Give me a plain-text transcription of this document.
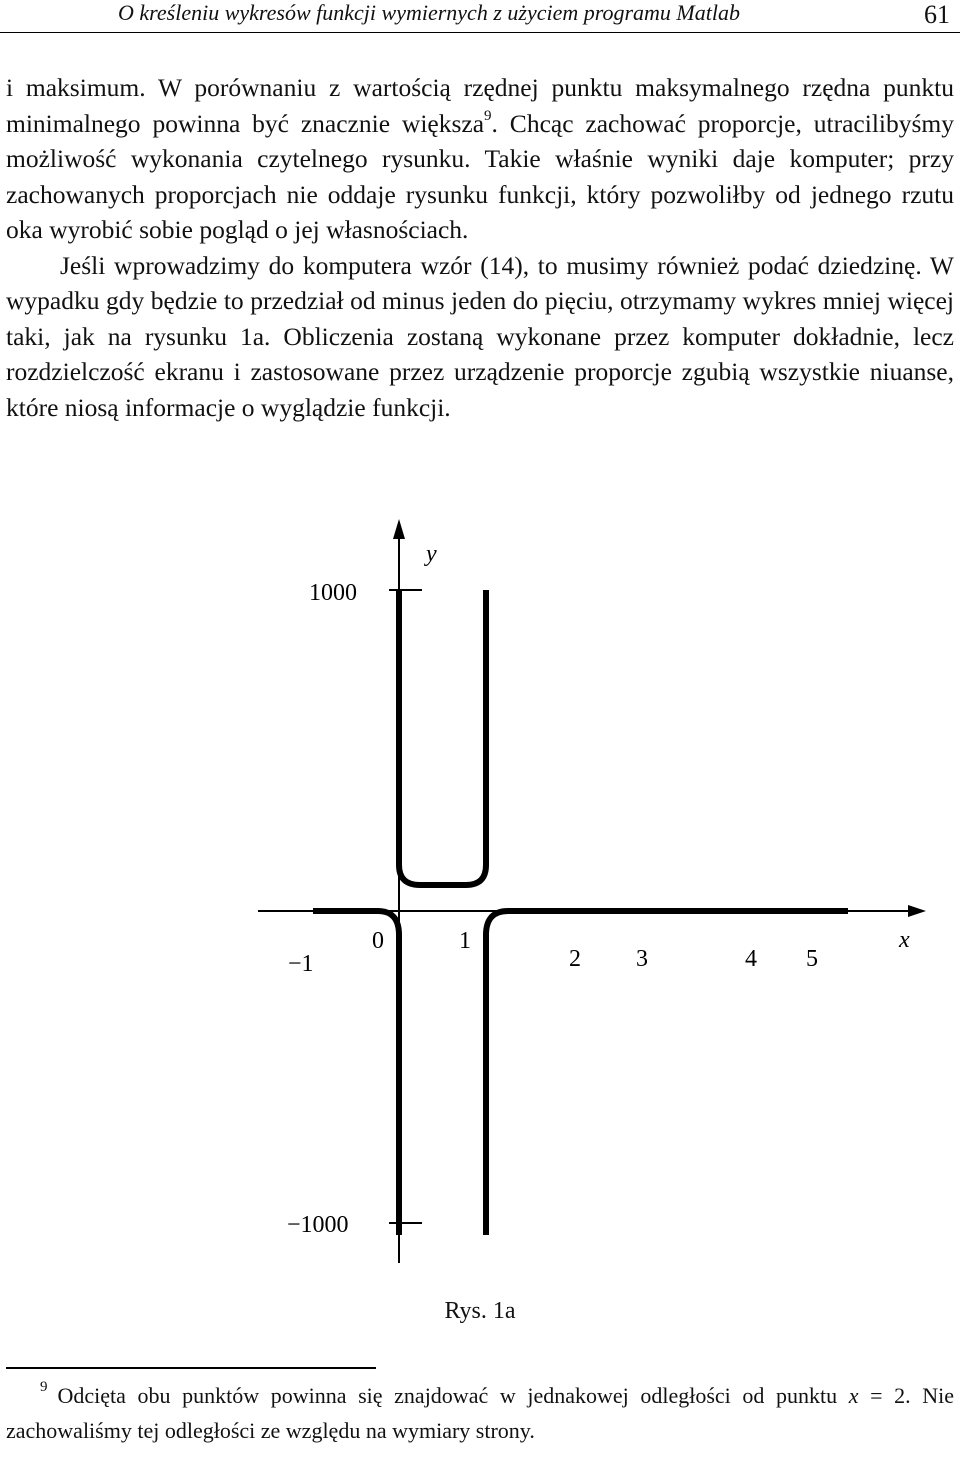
O kreśleniu wykresów funkcji wymiernych z użyciem programu Matlab	61

i maksimum. W porównaniu z wartością rzędnej punktu maksymalnego rzędna punktu minimalnego powinna być znacznie większa$^9$. Chcąc zachować proporcje, utracilibyśmy możliwość wykonania czytelnego rysunku. Takie właśnie wyniki daje komputer; przy zachowanych proporcjach nie oddaje rysunku funkcji, który pozwoliłby od jednego rzutu oka wyrobić sobie pogląd o jej własnościach.

Jeśli wprowadzimy do komputera wzór (14), to musimy również podać dziedzinę. W wypadku gdy będzie to przedział od minus jeden do pięciu, otrzymamy wykres mniej więcej taki, jak na rysunku 1a. Obliczenia zostaną wykonane przez komputer dokładnie, lecz rozdzielczość ekranu i zastosowane przez urządzenie proporcje zgubią wszystkie niuanse, które niosą informacje o wyglądzie funkcji.

y
x
1000
−1000
−1
0	1
2 3	4 5
Rys. 1a
$^9$ Odcięta obu punktów powinna się znajdować w jednakowej odległości od punktu x = 2. Nie zachowaliśmy tej odległości ze względu na wymiary strony.
